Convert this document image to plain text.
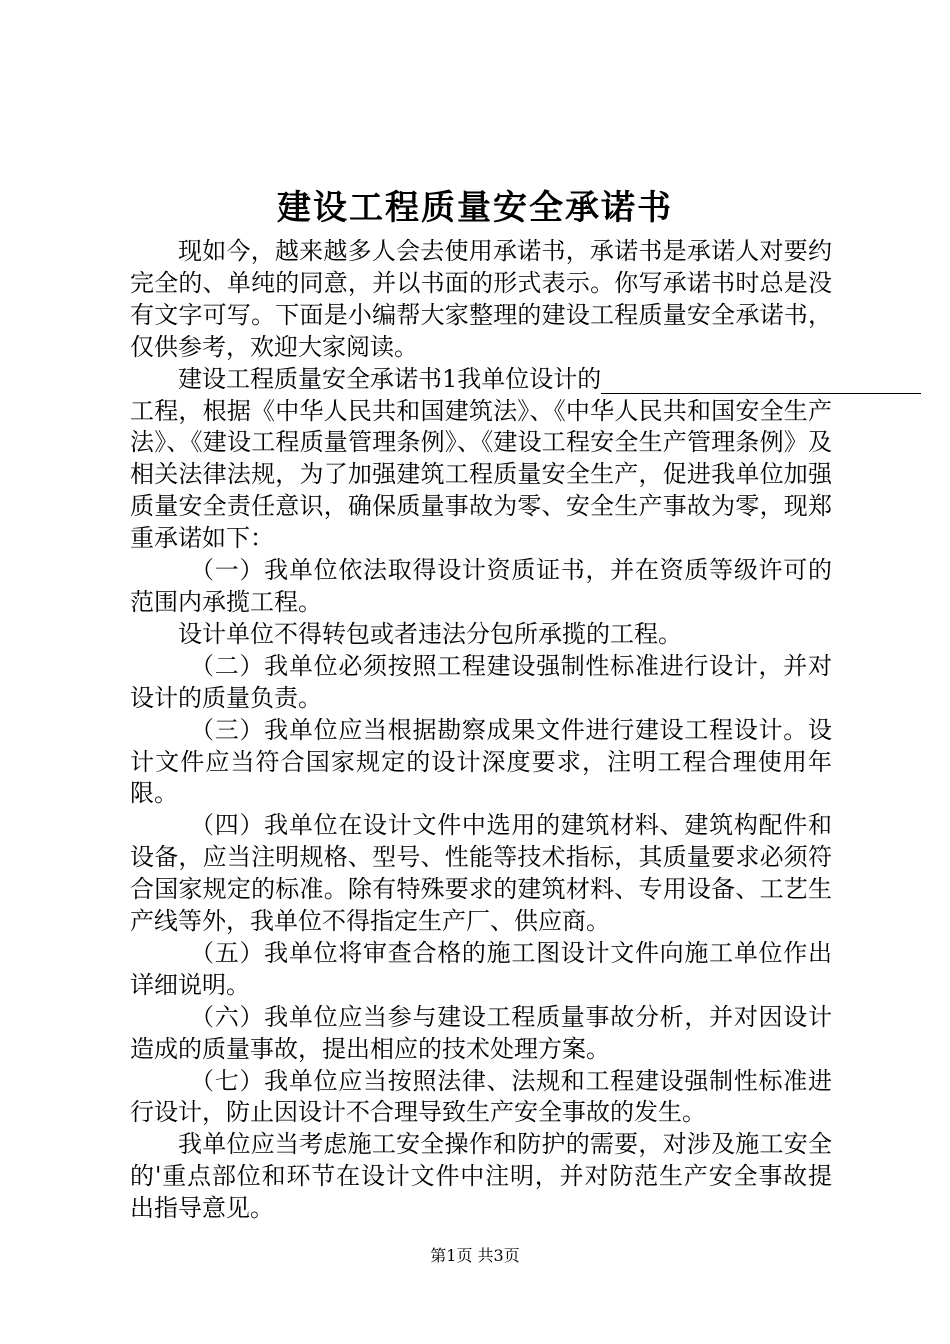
建设工程质量安全承诺书

现如今，越来越多人会去使用承诺书，承诺书是承诺人对要约完全的、单纯的同意，并以书面的形式表示。你写承诺书时总是没有文字可写。下面是小编帮大家整理的建设工程质量安全承诺书，仅供参考，欢迎大家阅读。

建设工程质量安全承诺书1我单位设计的工程，根据《中华人民共和国建筑法》、《中华人民共和国安全生产法》、《建设工程质量管理条例》、《建设工程安全生产管理条例》及相关法律法规，为了加强建筑工程质量安全生产，促进我单位加强质量安全责任意识，确保质量事故为零、安全生产事故为零，现郑重承诺如下：

（一）我单位依法取得设计资质证书，并在资质等级许可的范围内承揽工程。

设计单位不得转包或者违法分包所承揽的工程。

（二）我单位必须按照工程建设强制性标准进行设计，并对设计的质量负责。

（三）我单位应当根据勘察成果文件进行建设工程设计。设计文件应当符合国家规定的设计深度要求，注明工程合理使用年限。

（四）我单位在设计文件中选用的建筑材料、建筑构配件和设备，应当注明规格、型号、性能等技术指标，其质量要求必须符合国家规定的标准。除有特殊要求的建筑材料、专用设备、工艺生产线等外，我单位不得指定生产厂、供应商。

（五）我单位将审查合格的施工图设计文件向施工单位作出详细说明。

（六）我单位应当参与建设工程质量事故分析，并对因设计造成的质量事故，提出相应的技术处理方案。

（七）我单位应当按照法律、法规和工程建设强制性标准进行设计，防止因设计不合理导致生产安全事故的发生。

我单位应当考虑施工安全操作和防护的需要，对涉及施工安全的'重点部位和环节在设计文件中注明，并对防范生产安全事故提出指导意见。

第1页 共3页
